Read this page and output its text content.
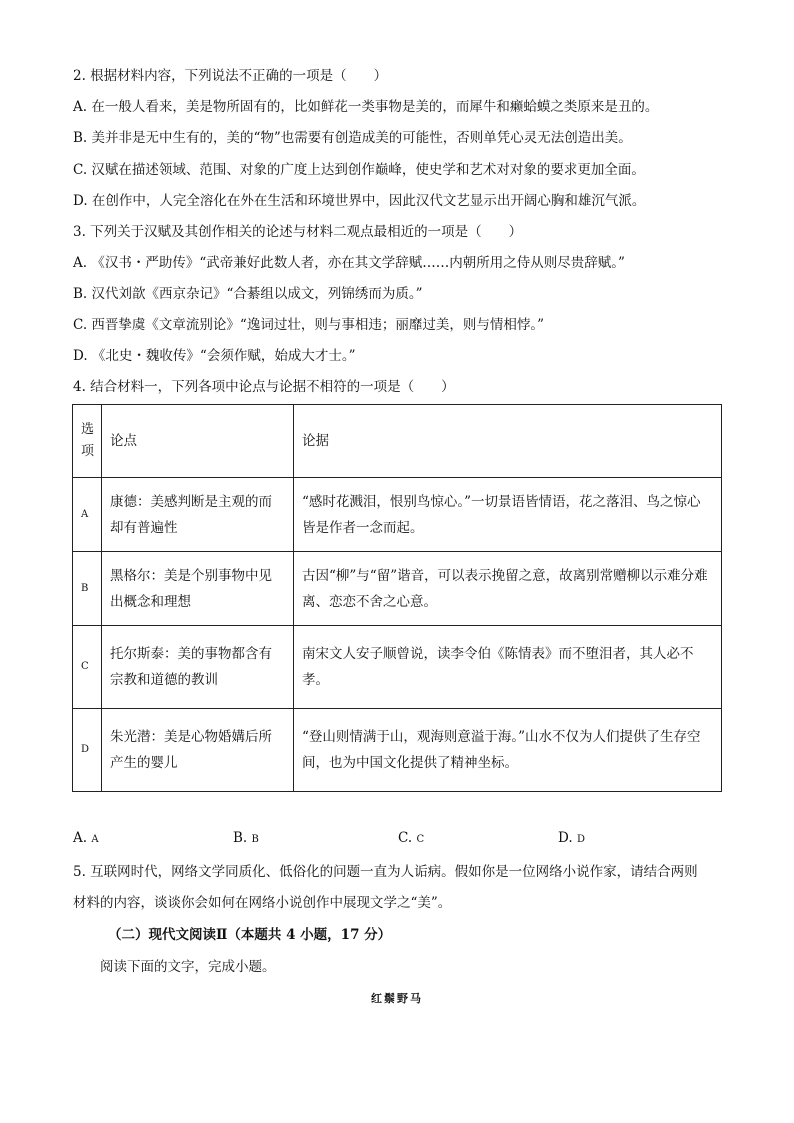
2. 根据材料内容，下列说法不正确的一项是（　　）
A. 在一般人看来，美是物所固有的，比如鲜花一类事物是美的，而犀牛和癞蛤蟆之类原来是丑的。
B. 美并非是无中生有的，美的“物”也需要有创造成美的可能性，否则单凭心灵无法创造出美。
C. 汉赋在描述领域、范围、对象的广度上达到创作巅峰，使史学和艺术对对象的要求更加全面。
D. 在创作中，人完全溶化在外在生活和环境世界中，因此汉代文艺显示出开阔心胸和雄沉气派。
3. 下列关于汉赋及其创作相关的论述与材料二观点最相近的一项是（　　）
A. 《汉书・严助传》“武帝兼好此数人者，亦在其文学辞赋……内朝所用之侍从则尽贵辞赋。”
B. 汉代刘歆《西京杂记》“合綦组以成文，列锦绣而为质。”
C. 西晋挚虞《文章流别论》“逸词过壮，则与事相违；丽靡过美，则与情相悖。”
D. 《北史・魏收传》“会须作赋，始成大才士。”
4. 结合材料一，下列各项中论点与论据不相符的一项是（　　）
选项	论点	论据
A	康德：美感判断是主观的而却有普遍性	“感时花溅泪，恨别鸟惊心。”一切景语皆情语，花之落泪、鸟之惊心皆是作者一念而起。
B	黑格尔：美是个别事物中见出概念和理想	古因“柳”与“留”谐音，可以表示挽留之意，故离别常赠柳以示难分难离、恋恋不舍之心意。
C	托尔斯泰：美的事物都含有宗教和道德的教训	南宋文人安子顺曾说，读李令伯《陈情表》而不堕泪者，其人必不孝。
D	朱光潜：美是心物婚媾后所产生的婴儿	“登山则情满于山，观海则意溢于海。”山水不仅为人们提供了生存空间，也为中国文化提供了精神坐标。
A. A	B. B	C. C	D. D
5. 互联网时代，网络文学同质化、低俗化的问题一直为人诟病。假如你是一位网络小说作家，请结合两则
材料的内容，谈谈你会如何在网络小说创作中展现文学之“美”。
（二）现代文阅读Ⅱ（本题共 4 小题，17 分）
阅读下面的文字，完成小题。
红鬃野马
